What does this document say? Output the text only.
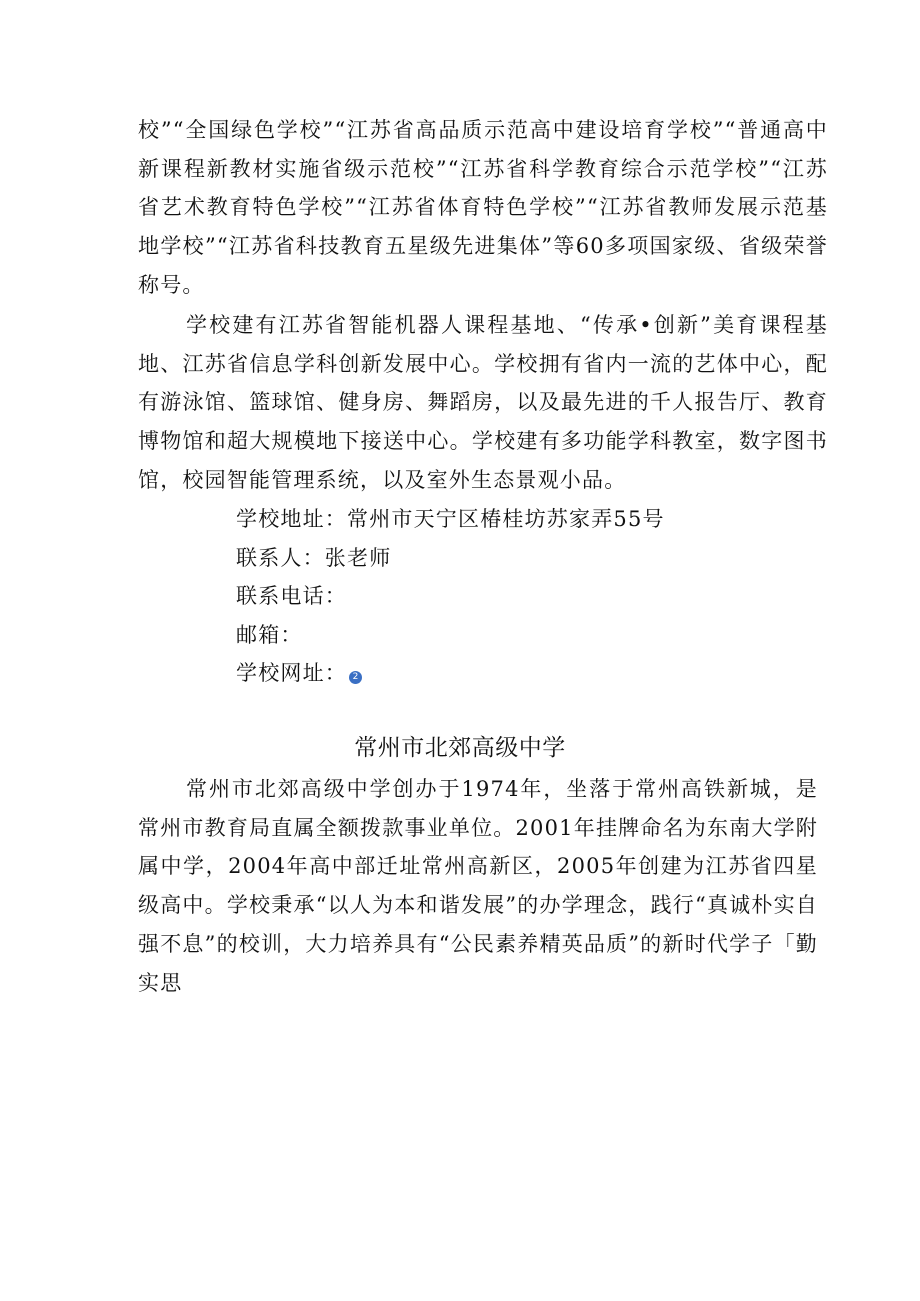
校”“全国绿色学校”“江苏省高品质示范高中建设培育学校”“普通高中新课程新教材实施省级示范校”“江苏省科学教育综合示范学校”“江苏省艺术教育特色学校”“江苏省体育特色学校”“江苏省教师发展示范基地学校”“江苏省科技教育五星级先进集体”等60多项国家级、省级荣誉称号。

学校建有江苏省智能机器人课程基地、“传承•创新”美育课程基地、江苏省信息学科创新发展中心。学校拥有省内一流的艺体中心，配有游泳馆、篮球馆、健身房、舞蹈房，以及最先进的千人报告厅、教育博物馆和超大规模地下接送中心。学校建有多功能学科教室，数字图书馆，校园智能管理系统，以及室外生态景观小品。

学校地址：常州市天宁区椿桂坊苏家弄55号
联系人：张老师
联系电话：
邮箱：
学校网址： 2
常州市北郊高级中学

常州市北郊高级中学创办于1974年，坐落于常州高铁新城，是常州市教育局直属全额拨款事业单位。2001年挂牌命名为东南大学附属中学，2004年高中部迁址常州高新区，2005年创建为江苏省四星级高中。学校秉承“以人为本和谐发展”的办学理念，践行“真诚朴实自强不息”的校训，大力培养具有“公民素养精英品质”的新时代学子「勤实思
